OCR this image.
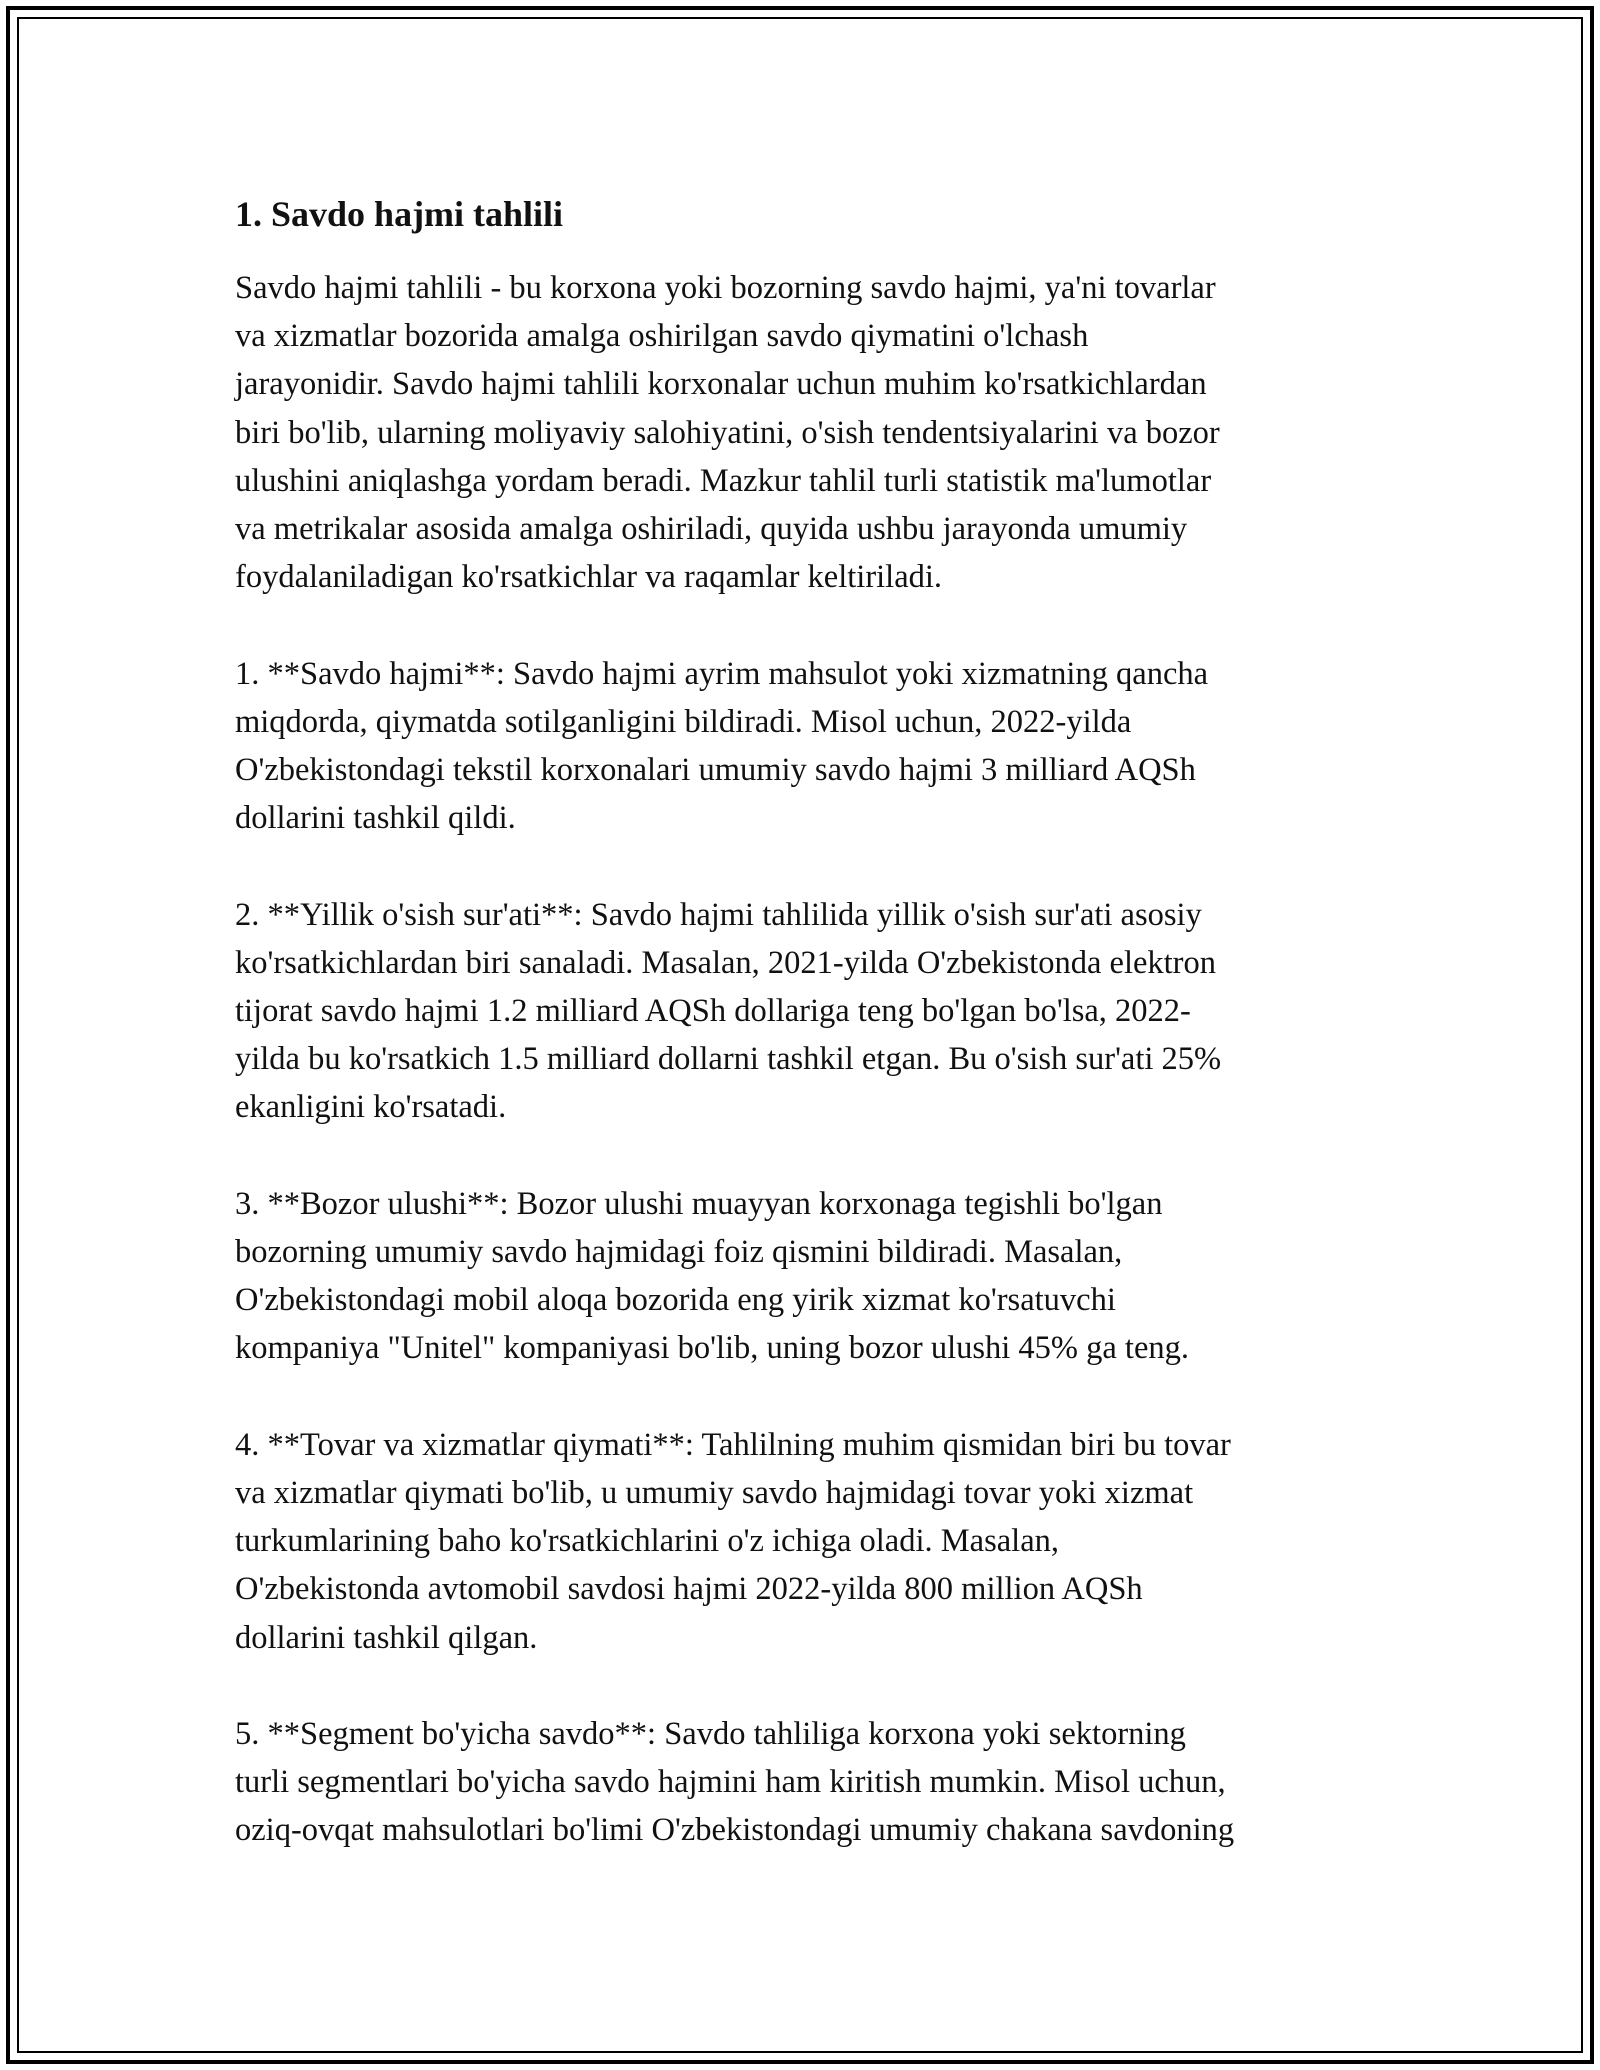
1. Savdo hajmi tahlili
Savdo hajmi tahlili - bu korxona yoki bozorning savdo hajmi, ya'ni tovarlar
va xizmatlar bozorida amalga oshirilgan savdo qiymatini o'lchash
jarayonidir. Savdo hajmi tahlili korxonalar uchun muhim ko'rsatkichlardan
biri bo'lib, ularning moliyaviy salohiyatini, o'sish tendentsiyalarini va bozor
ulushini aniqlashga yordam beradi. Mazkur tahlil turli statistik ma'lumotlar
va metrikalar asosida amalga oshiriladi, quyida ushbu jarayonda umumiy
foydalaniladigan ko'rsatkichlar va raqamlar keltiriladi.
1. **Savdo hajmi**: Savdo hajmi ayrim mahsulot yoki xizmatning qancha
miqdorda, qiymatda sotilganligini bildiradi. Misol uchun, 2022-yilda
O'zbekistondagi tekstil korxonalari umumiy savdo hajmi 3 milliard AQSh
dollarini tashkil qildi.
2. **Yillik o'sish sur'ati**: Savdo hajmi tahlilida yillik o'sish sur'ati asosiy
ko'rsatkichlardan biri sanaladi. Masalan, 2021-yilda O'zbekistonda elektron
tijorat savdo hajmi 1.2 milliard AQSh dollariga teng bo'lgan bo'lsa, 2022-
yilda bu ko'rsatkich 1.5 milliard dollarni tashkil etgan. Bu o'sish sur'ati 25%
ekanligini ko'rsatadi.
3. **Bozor ulushi**: Bozor ulushi muayyan korxonaga tegishli bo'lgan
bozorning umumiy savdo hajmidagi foiz qismini bildiradi. Masalan,
O'zbekistondagi mobil aloqa bozorida eng yirik xizmat ko'rsatuvchi
kompaniya "Unitel" kompaniyasi bo'lib, uning bozor ulushi 45% ga teng.
4. **Tovar va xizmatlar qiymati**: Tahlilning muhim qismidan biri bu tovar
va xizmatlar qiymati bo'lib, u umumiy savdo hajmidagi tovar yoki xizmat
turkumlarining baho ko'rsatkichlarini o'z ichiga oladi. Masalan,
O'zbekistonda avtomobil savdosi hajmi 2022-yilda 800 million AQSh
dollarini tashkil qilgan.
5. **Segment bo'yicha savdo**: Savdo tahliliga korxona yoki sektorning
turli segmentlari bo'yicha savdo hajmini ham kiritish mumkin. Misol uchun,
oziq-ovqat mahsulotlari bo'limi O'zbekistondagi umumiy chakana savdoning
